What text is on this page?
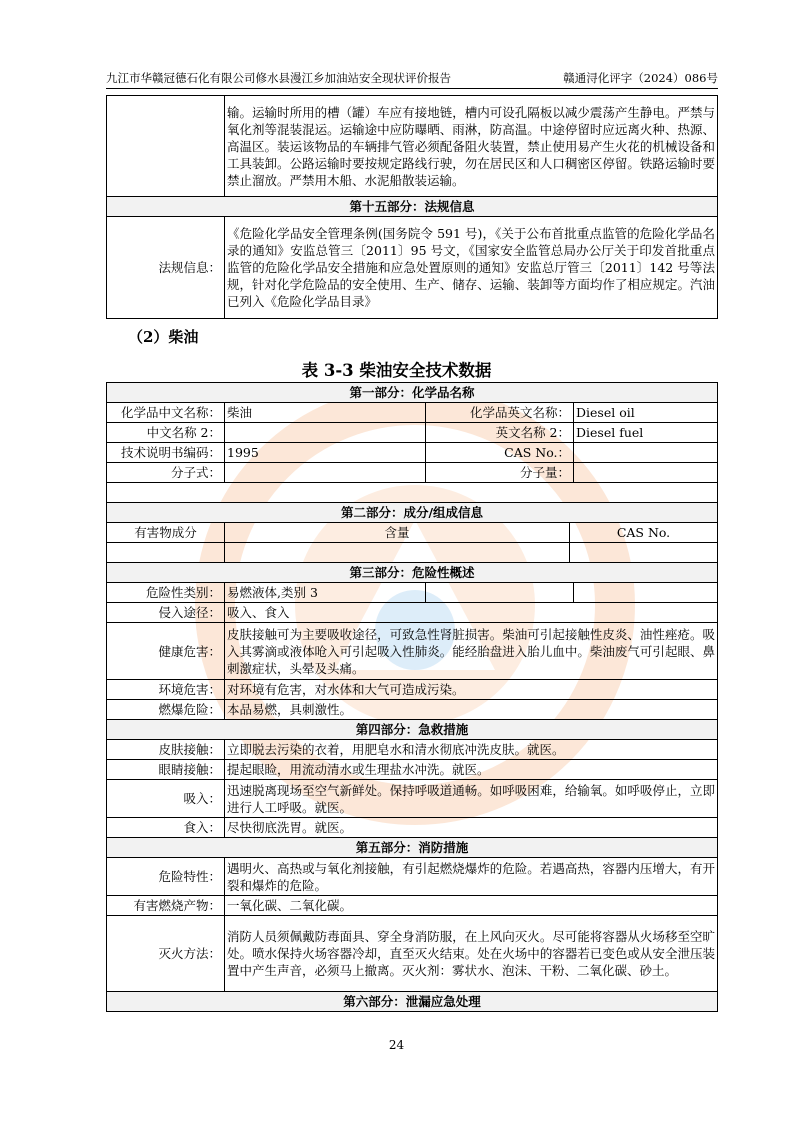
九江市华赣冠德石化有限公司修水县漫江乡加油站安全现状评价报告	赣通浔化评字（2024）086号
	输。运输时所用的槽（罐）车应有接地链，槽内可设孔隔板以减少震荡产生静电。严禁与氧化剂等混装混运。运输途中应防曝晒、雨淋，防高温。中途停留时应远离火种、热源、高温区。装运该物品的车辆排气管必须配备阻火装置，禁止使用易产生火花的机械设备和工具装卸。公路运输时要按规定路线行驶，勿在居民区和人口稠密区停留。铁路运输时要禁止溜放。严禁用木船、水泥船散装运输。
第十五部分：法规信息	
法规信息：	《危险化学品安全管理条例(国务院令 591 号)，《关于公布首批重点监管的危险化学品名录的通知》安监总管三〔2011〕95 号文，《国家安全监管总局办公厅关于印发首批重点监管的危险化学品安全措施和应急处置原则的通知》安监总厅管三〔2011〕142 号等法规，针对化学危险品的安全使用、生产、储存、运输、装卸等方面均作了相应规定。汽油已列入《危险化学品目录》
（2）柴油
表 3-3 柴油安全技术数据
第一部分：化学品名称				
化学品中文名称：	柴油	化学品英文名称：		Diesel oil
中文名称 2：		英文名称 2：		Diesel fuel
技术说明书编码：	1995	CAS No.：		
分子式：		分子量：		

第二部分：成分/组成信息				
有害物成分	含量		CAS No.	

第三部分：危险性概述				
危险性类别：	易燃液体,类别 3			
侵入途径：	吸入、食入			
健康危害：	皮肤接触可为主要吸收途径，可致急性肾脏损害。柴油可引起接触性皮炎、油性痤疮。吸入其雾滴或液体呛入可引起吸入性肺炎。能经胎盘进入胎儿血中。柴油废气可引起眼、鼻刺激症状，头晕及头痛。			
环境危害：	对环境有危害，对水体和大气可造成污染。			
燃爆危险：	本品易燃，具刺激性。			
第四部分：急救措施				
皮肤接触：	立即脱去污染的衣着，用肥皂水和清水彻底冲洗皮肤。就医。			
眼睛接触：	提起眼睑，用流动清水或生理盐水冲洗。就医。			
吸入：	迅速脱离现场至空气新鲜处。保持呼吸道通畅。如呼吸困难，给输氧。如呼吸停止，立即进行人工呼吸。就医。			
食入：	尽快彻底洗胃。就医。			
第五部分：消防措施				
危险特性：	遇明火、高热或与氧化剂接触，有引起燃烧爆炸的危险。若遇高热，容器内压增大，有开裂和爆炸的危险。			
有害燃烧产物：	一氧化碳、二氧化碳。			
灭火方法：	消防人员须佩戴防毒面具、穿全身消防服，在上风向灭火。尽可能将容器从火场移至空旷处。喷水保持火场容器冷却，直至灭火结束。处在火场中的容器若已变色或从安全泄压装置中产生声音，必须马上撤离。灭火剂：雾状水、泡沫、干粉、二氧化碳、砂土。			
第六部分：泄漏应急处理				
24
